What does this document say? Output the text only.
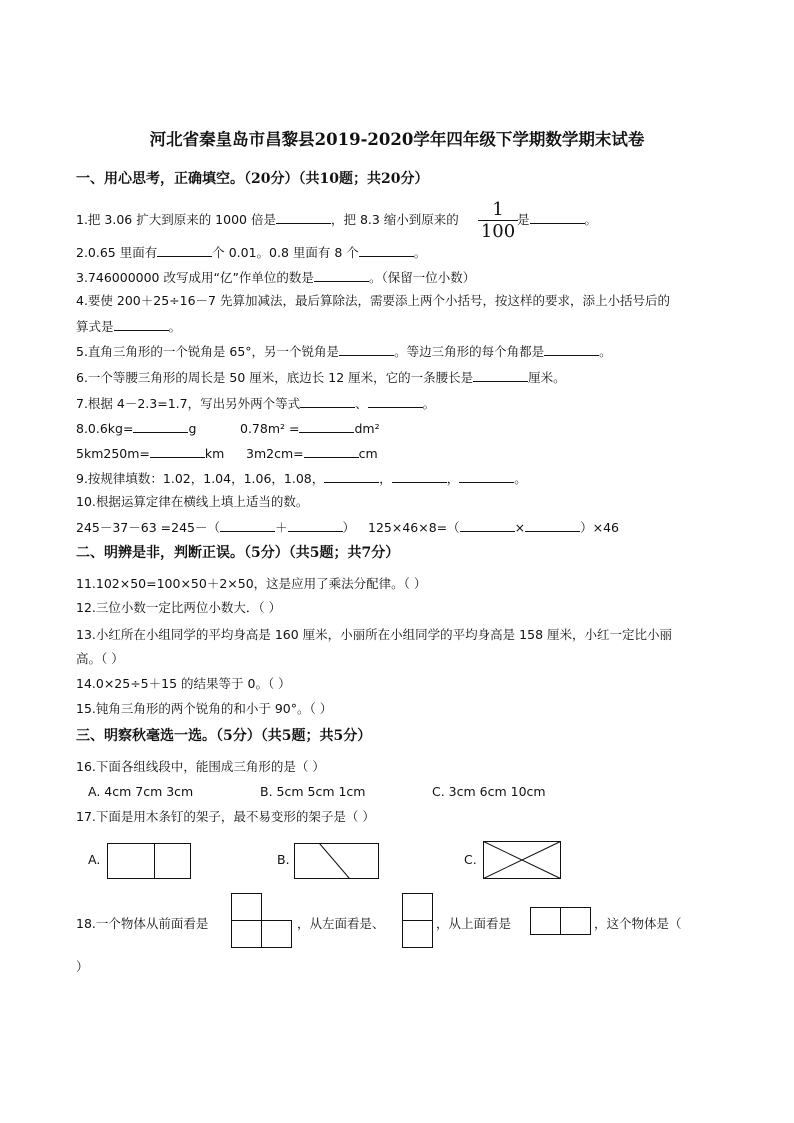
河北省秦皇岛市昌黎县2019-2020学年四年级下学期数学期末试卷
一、用心思考，正确填空。（20分）（共10题；共20分）
1.把 3.06 扩大到原来的 1000 倍是	，把 8.3 缩小到原来的	1
100
是	。
2.0.65 里面有	个 0.01。0.8 里面有 8 个	。
3.746000000 改写成用“亿”作单位的数是	。（保留一位小数）
4.要使 200＋25÷16－7 先算加减法，最后算除法，需要添上两个小括号，按这样的要求，添上小括号后的
算式是	。
5.直角三角形的一个锐角是 65°，另一个锐角是	。等边三角形的每个角都是	。
6.一个等腰三角形的周长是 50 厘米，底边长 12 厘米，它的一条腰长是	厘米。
7.根据 4－2.3=1.7，写出另外两个等式	、	。
8.0.6kg=	g	0.78m² =	dm²
5km250m=	km 3m2cm=	cm
9.按规律填数：1.02，1.04，1.06，1.08，	，	，	。
10.根据运算定律在横线上填上适当的数。
245－37－63 =245－（	＋	） 125×46×8=（	×	）×46
二、明辨是非，判断正误。（5分）（共5题；共7分）
11.102×50=100×50＋2×50，这是应用了乘法分配律。（ ）
12.三位小数一定比两位小数大．（ ）
13.小红所在小组同学的平均身高是 160 厘米，小丽所在小组同学的平均身高是 158 厘米，小红一定比小丽
高。（ ）
14.0×25÷5＋15 的结果等于 0。（ ）
15.钝角三角形的两个锐角的和小于 90°。（ ）
三、明察秋毫选一选。（5分）（共5题；共5分）
16.下面各组线段中，能围成三角形的是（ ）
A. 4cm 7cm 3cm	B. 5cm 5cm 1cm	C. 3cm 6cm 10cm
17.下面是用木条钉的架子，最不易变形的架子是（ ）
A.	B.	C.
18.一个物体从前面看是	，从左面看是、	，从上面看是	，这个物体是（
）
